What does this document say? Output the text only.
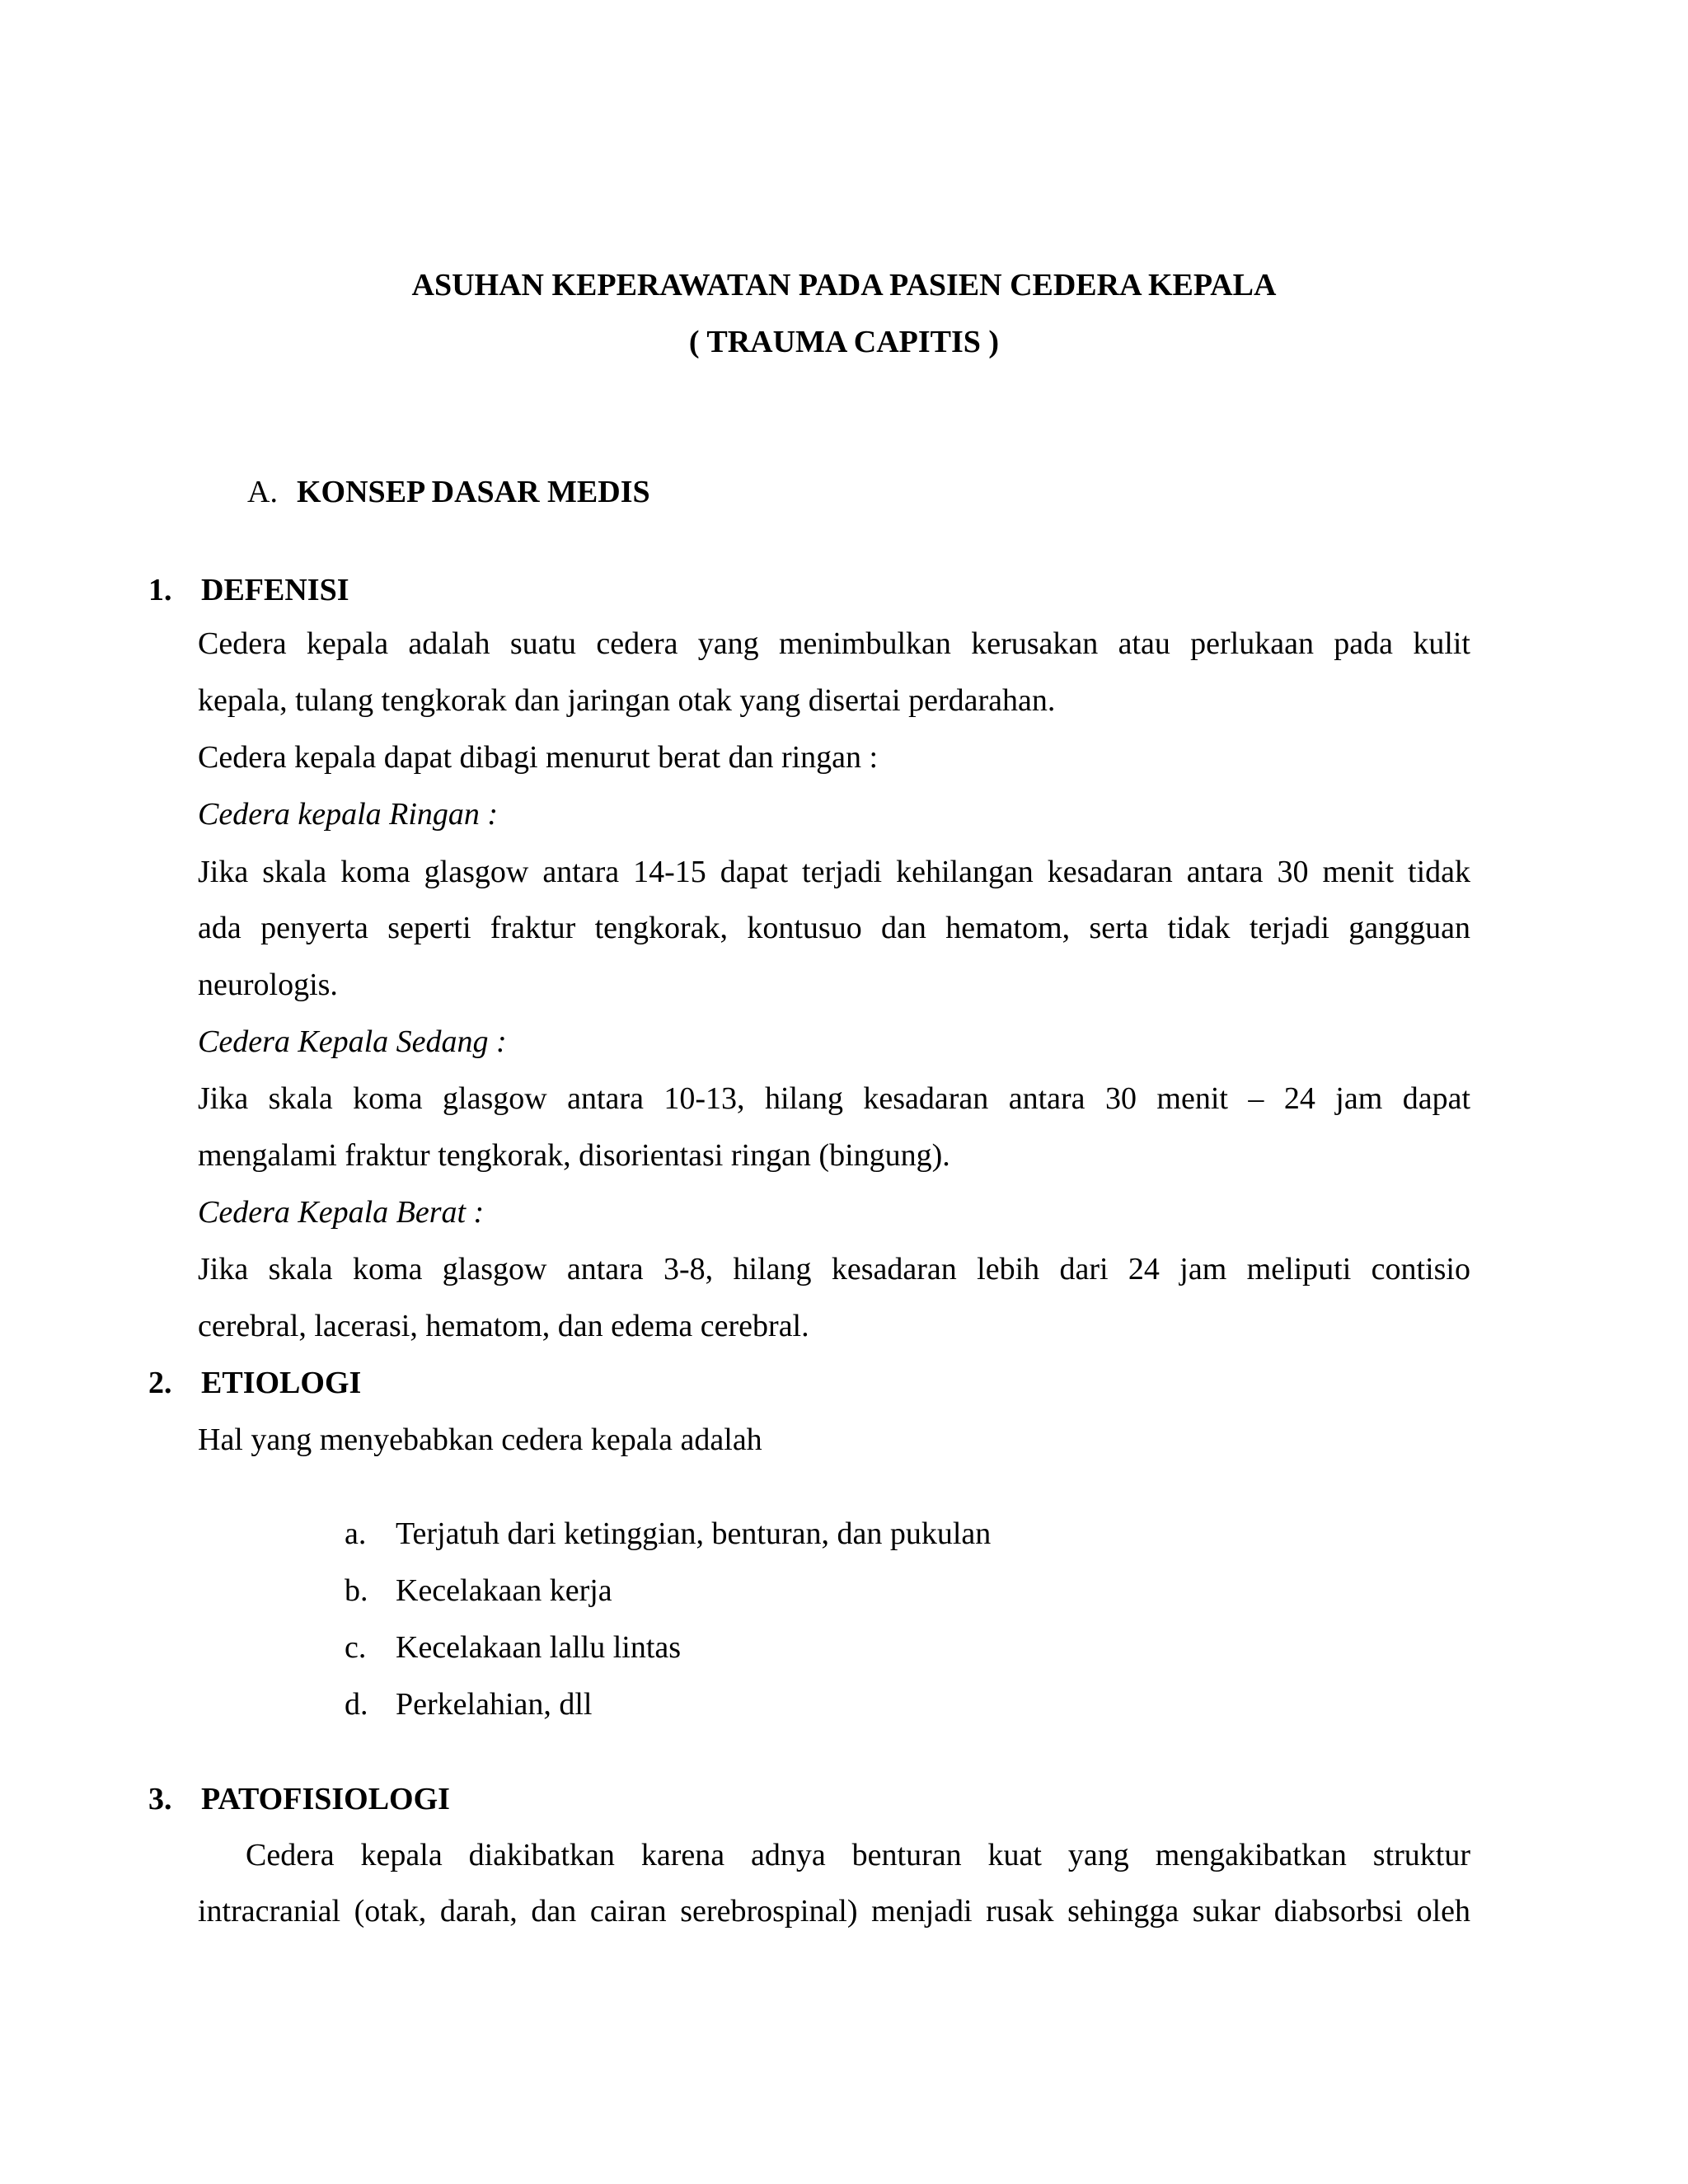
ASUHAN KEPERAWATAN PADA PASIEN CEDERA KEPALA
( TRAUMA CAPITIS )
A. KONSEP DASAR MEDIS
1. DEFENISI
Cedera kepala adalah suatu cedera yang menimbulkan kerusakan atau perlukaan pada kulit
kepala, tulang tengkorak dan jaringan otak yang disertai perdarahan.
Cedera kepala dapat dibagi menurut berat dan ringan :
Cedera kepala Ringan :
Jika skala koma glasgow antara 14-15 dapat terjadi kehilangan kesadaran antara 30 menit tidak
ada penyerta seperti fraktur tengkorak, kontusuo dan hematom, serta tidak terjadi gangguan
neurologis.
Cedera Kepala Sedang :
Jika skala koma glasgow antara 10-13, hilang kesadaran antara 30 menit – 24 jam dapat
mengalami fraktur tengkorak, disorientasi ringan (bingung).
Cedera Kepala Berat :
Jika skala koma glasgow antara 3-8, hilang kesadaran lebih dari 24 jam meliputi contisio
cerebral, lacerasi, hematom, dan edema cerebral.
2. ETIOLOGI
Hal yang menyebabkan cedera kepala adalah
a. Terjatuh dari ketinggian, benturan, dan pukulan
b. Kecelakaan kerja
c. Kecelakaan lallu lintas
d. Perkelahian, dll
3. PATOFISIOLOGI
Cedera kepala diakibatkan karena adnya benturan kuat yang mengakibatkan struktur
intracranial (otak, darah, dan cairan serebrospinal) menjadi rusak sehingga sukar diabsorbsi oleh
